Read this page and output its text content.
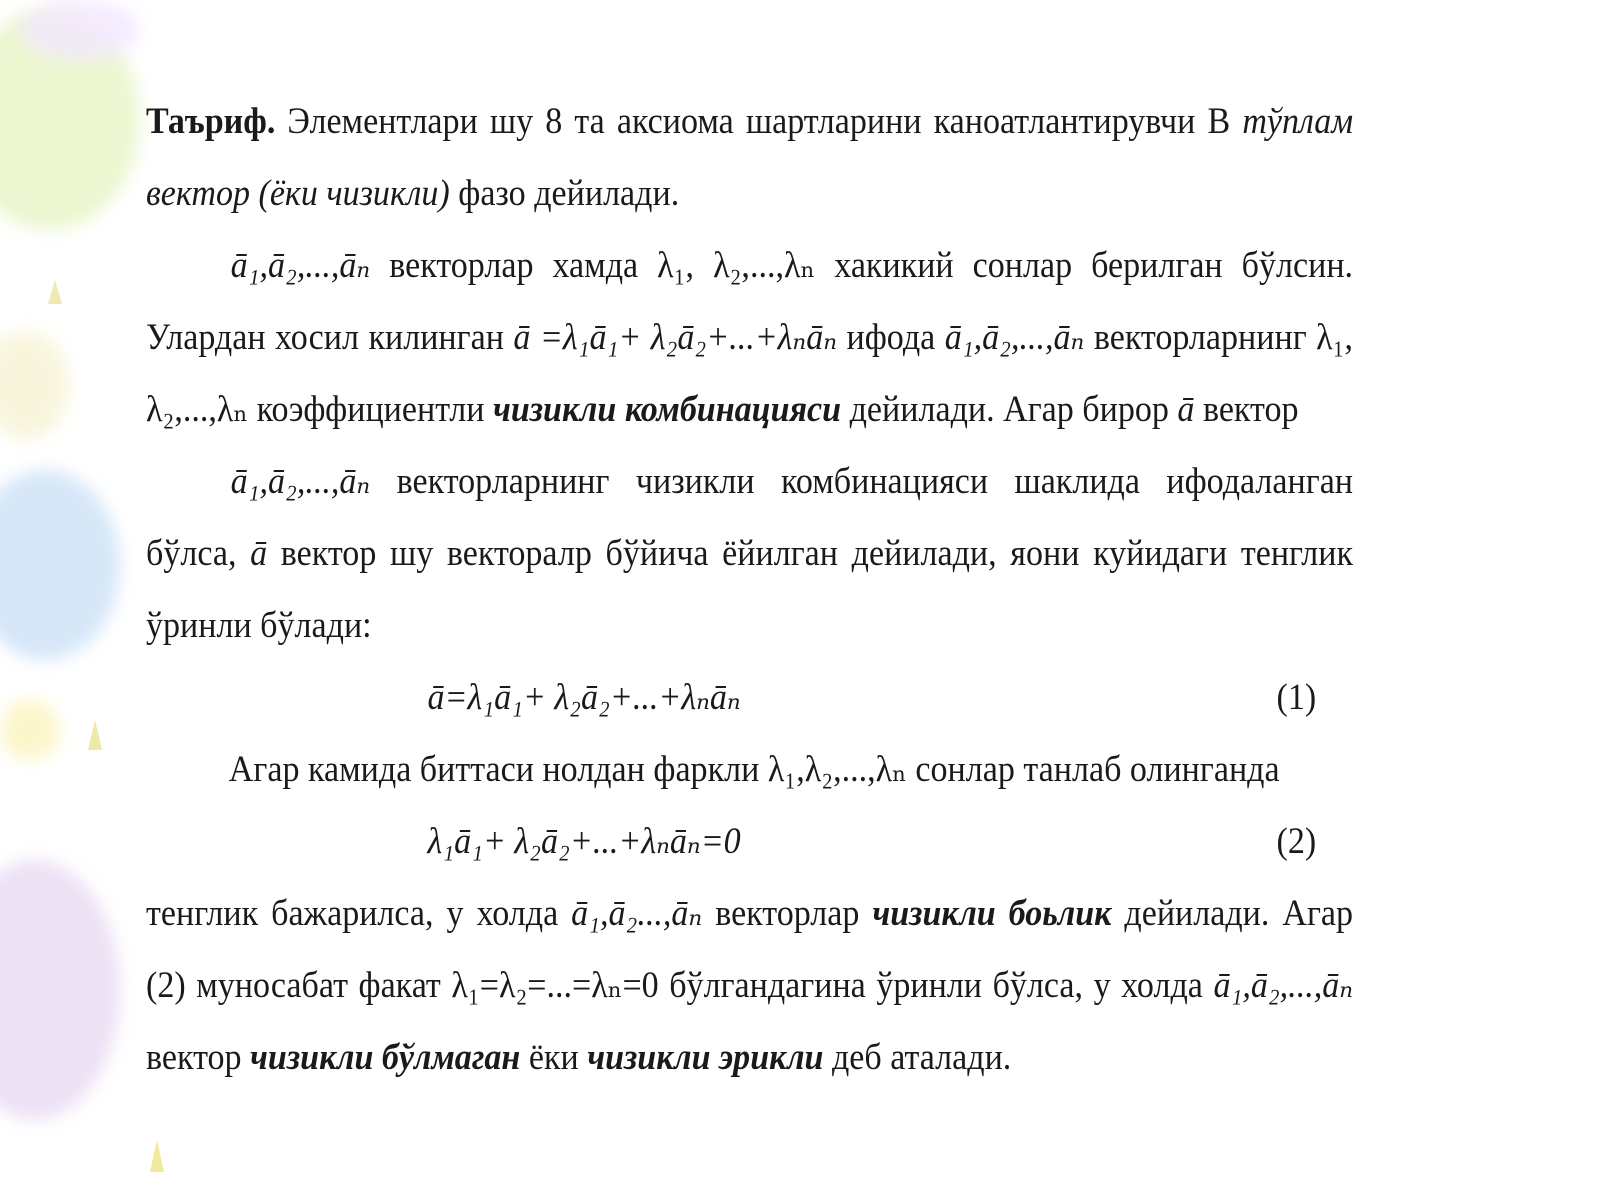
Таъриф. Элементлари шу 8 та аксиома шартларини каноатлантирувчи В тўплам вектор (ёки чизикли) фазо дейилади.

ā₁,ā₂,...,āₙ векторлар хамда λ₁, λ₂,...,λₙ хакикий сонлар берилган бўлсин. Улардан хосил килинган ā =λ₁ā₁+ λ₂ā₂+...+λₙāₙ ифода ā₁,ā₂,...,āₙ векторларнинг λ₁, λ₂,...,λₙ коэффициентли чизикли комбинацияси дейилади. Агар бирор ā вектор

ā₁,ā₂,...,āₙ векторларнинг чизикли комбинацияси шаклида ифодаланган бўлса, ā вектор шу вектоpалр бўйича ёйилган дейилади, яони куйидаги тенглик ўринли бўлади:

ā=λ₁ā₁+ λ₂ā₂+...+λₙāₙ	(1)

Агар камида биттаси нолдан фаркли λ₁,λ₂,...,λₙ сонлар танлаб олинганда

λ₁ā₁+ λ₂ā₂+...+λₙāₙ=0	(2)

тенглик бажарилса, у холда ā₁,ā₂...,āₙ векторлар чизикли боьлик дейилади. Агар (2) муносабат факат λ₁=λ₂=...=λₙ=0 бўлгандагина ўринли бўлса, у холда ā₁,ā₂,...,āₙ вектор чизикли бўлмаган ёки чизикли эрикли деб аталади.
